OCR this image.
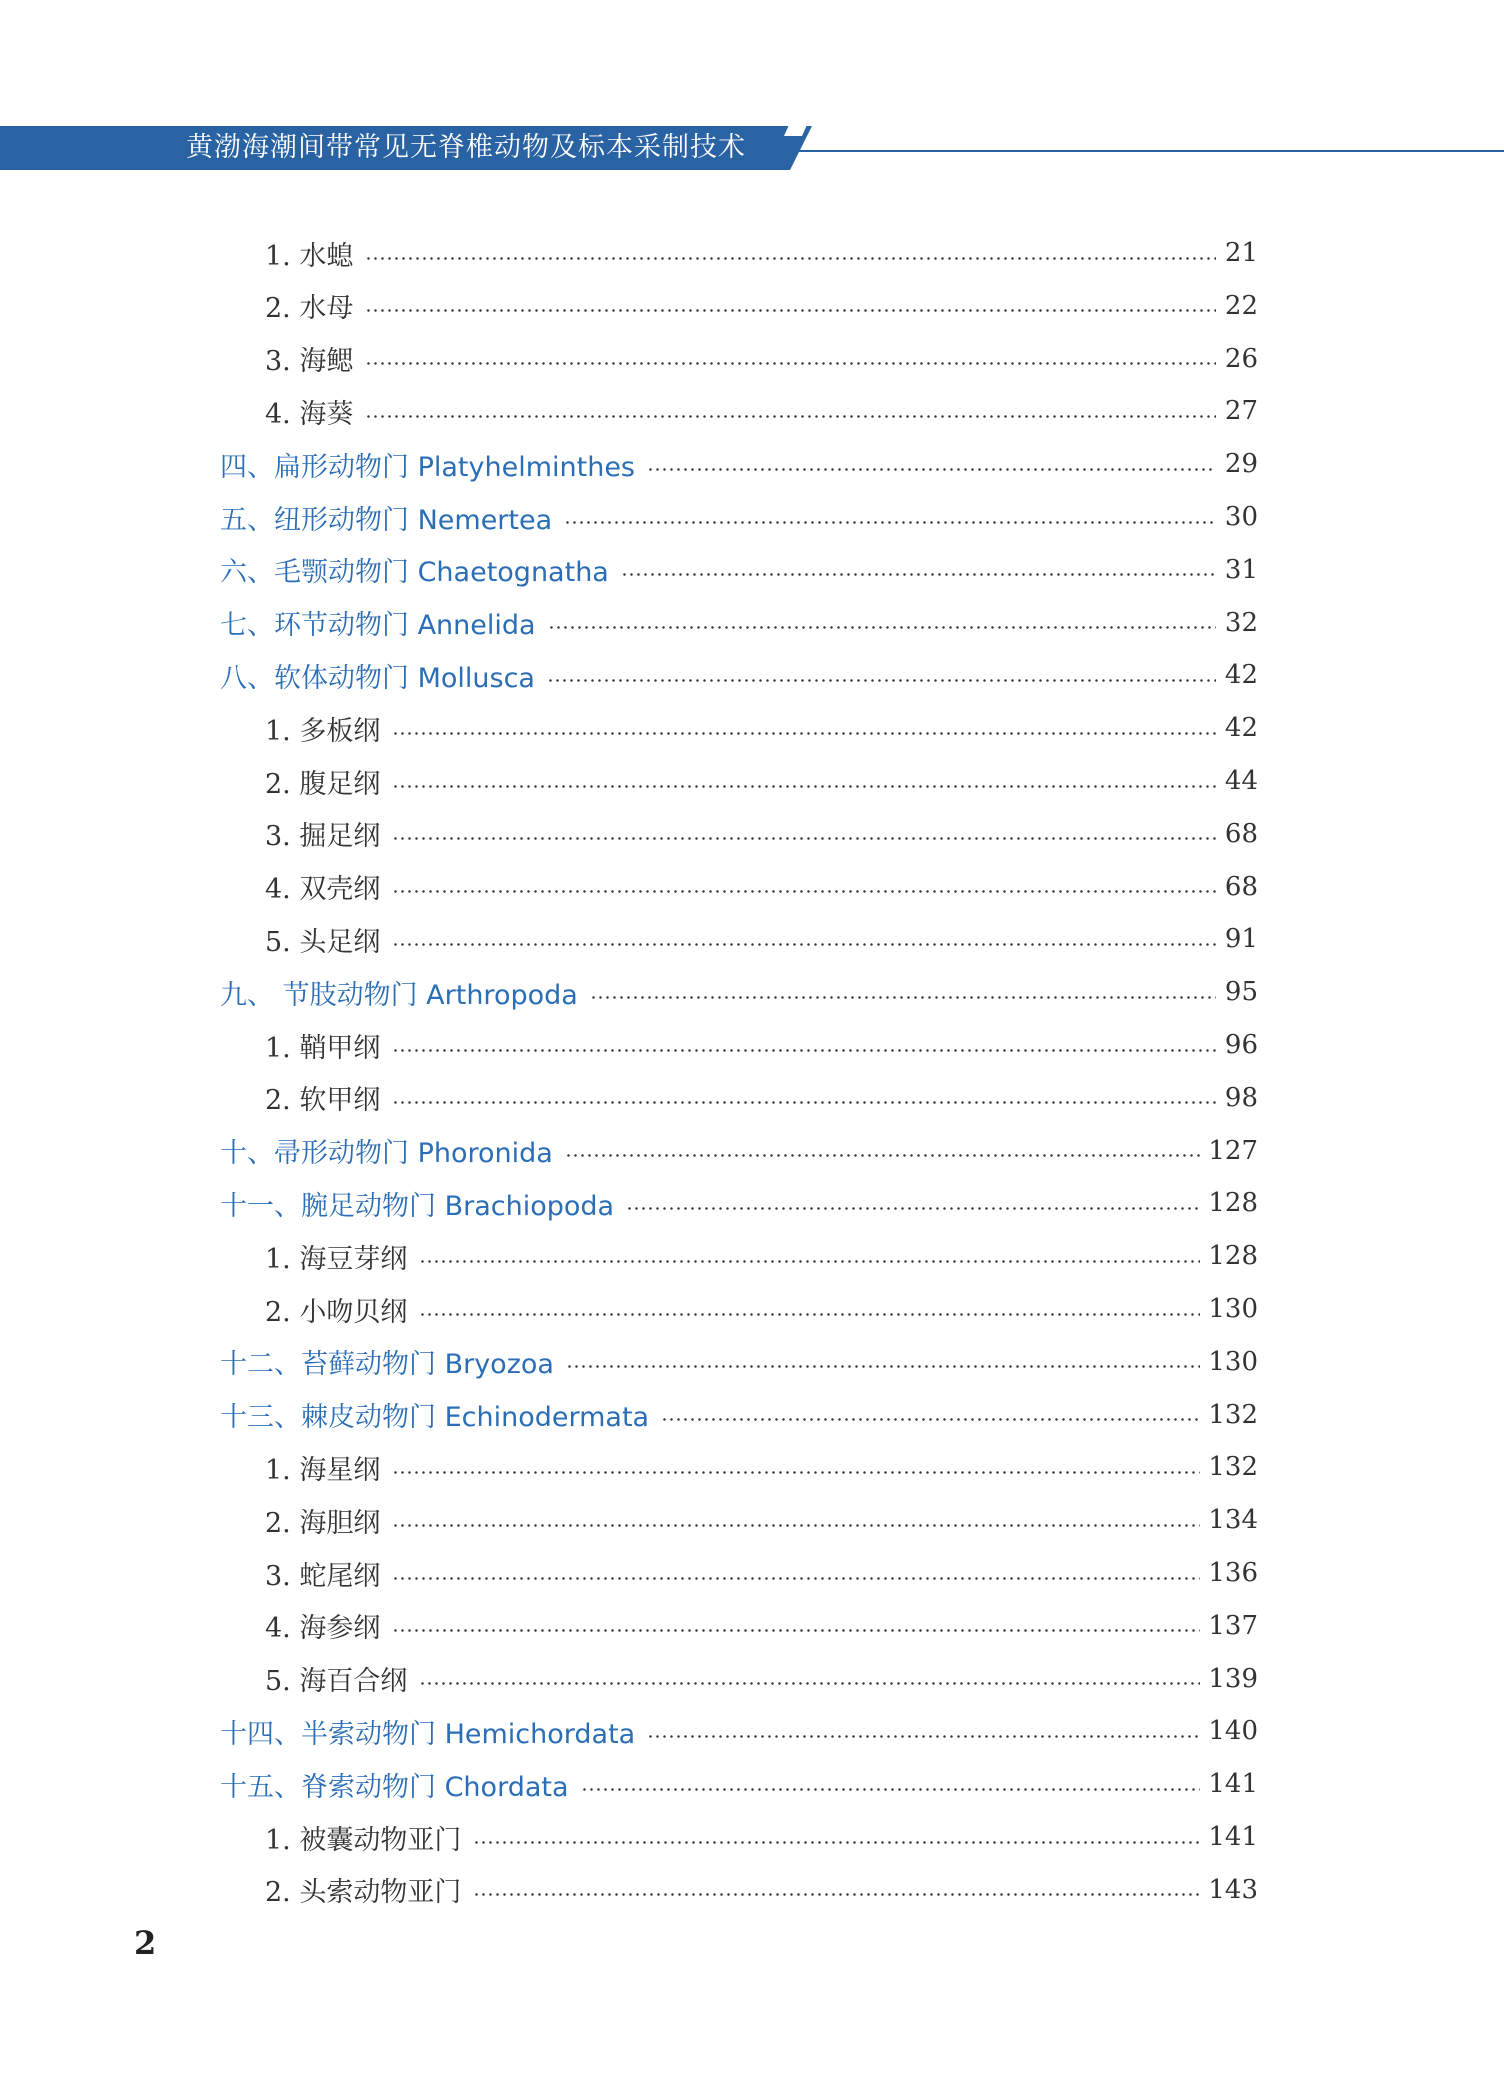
黄渤海潮间带常见无脊椎动物及标本采制技术
1. 水螅	21
2. 水母	22
3. 海鳃	26
4. 海葵	27
四、扁形动物门 Platyhelminthes	29
五、纽形动物门 Nemertea	30
六、毛颚动物门 Chaetognatha	31
七、环节动物门 Annelida	32
八、软体动物门 Mollusca	42
1. 多板纲	42
2. 腹足纲	44
3. 掘足纲	68
4. 双壳纲	68
5. 头足纲	91
九、 节肢动物门 Arthropoda	95
1. 鞘甲纲	96
2. 软甲纲	98
十、帚形动物门 Phoronida	127
十一、腕足动物门 Brachiopoda	128
1. 海豆芽纲	128
2. 小吻贝纲	130
十二、苔藓动物门 Bryozoa	130
十三、棘皮动物门 Echinodermata	132
1. 海星纲	132
2. 海胆纲	134
3. 蛇尾纲	136
4. 海参纲	137
5. 海百合纲	139
十四、半索动物门 Hemichordata	140
十五、脊索动物门 Chordata	141
1. 被囊动物亚门	141
2. 头索动物亚门	143
2
